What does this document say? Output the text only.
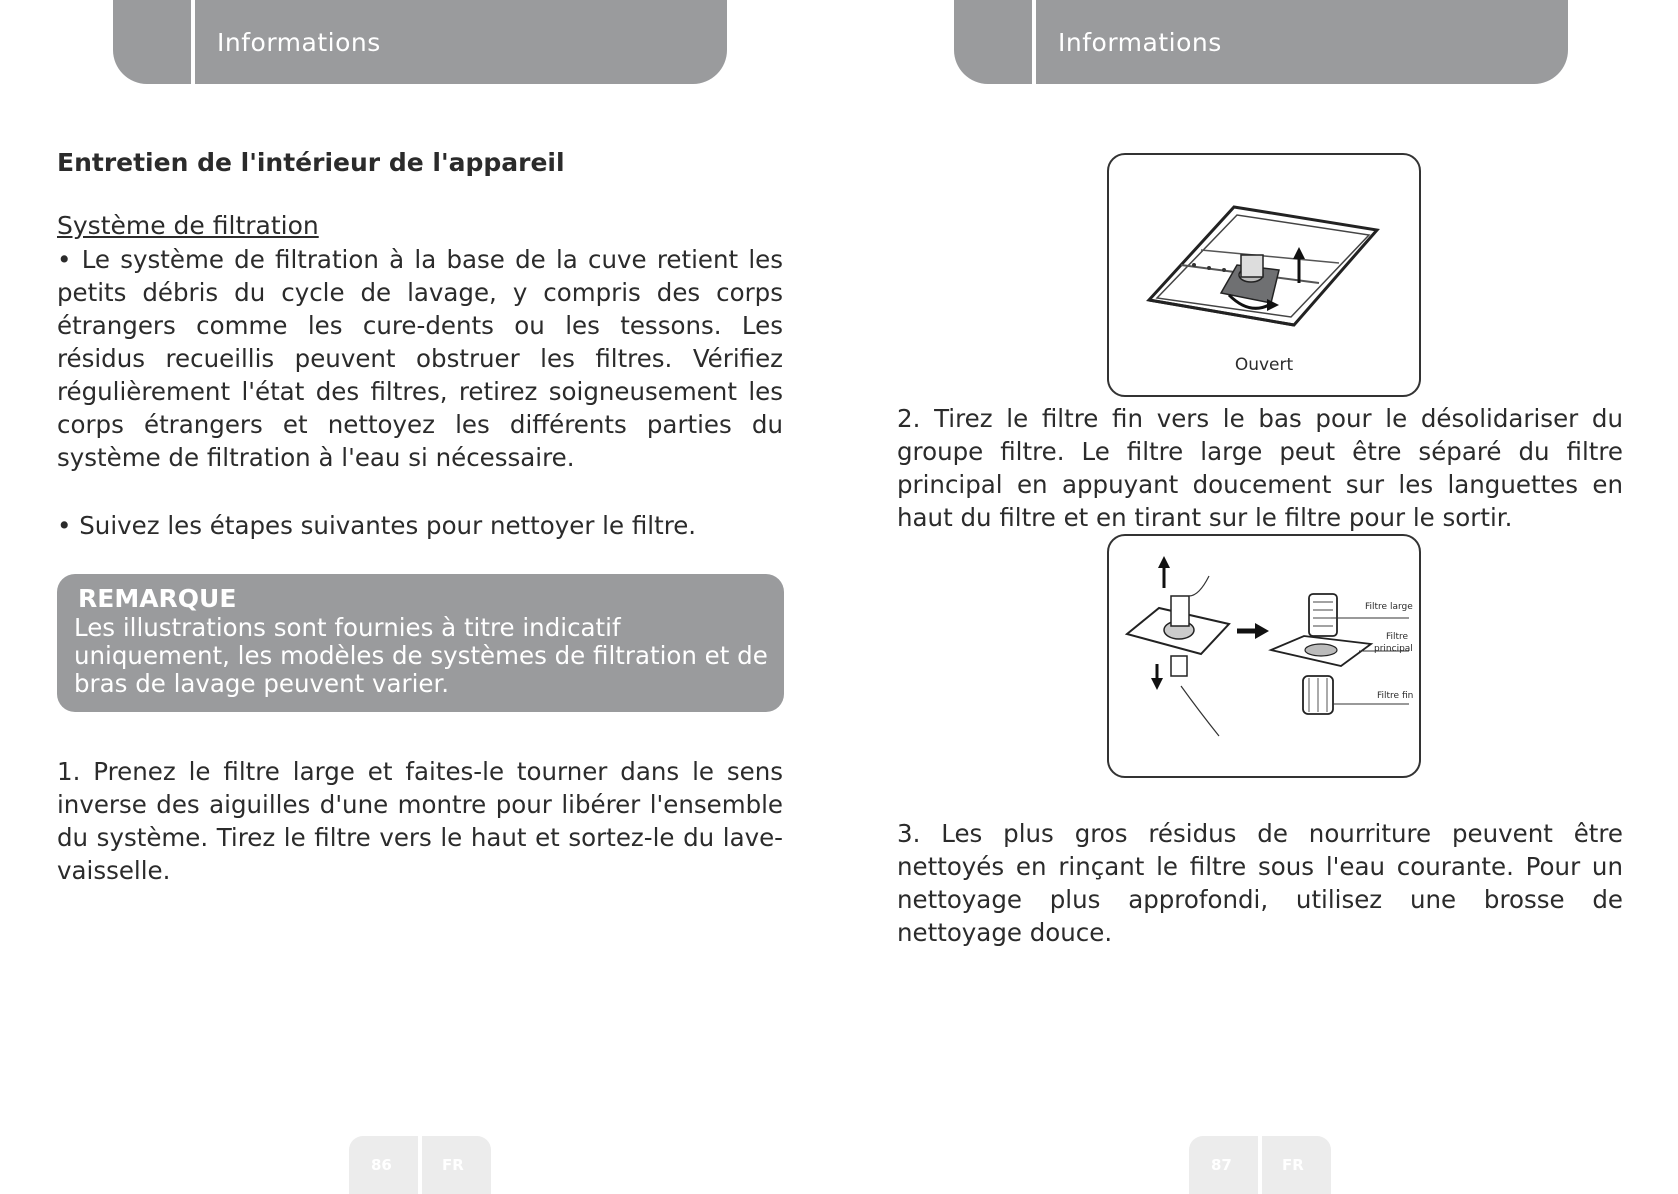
Informations

Entretien de l'intérieur de l'appareil

Système de filtration

• Le système de filtration à la base de la cuve retient les petits débris du cycle de lavage, y compris des corps étrangers comme les cure-dents ou les tessons. Les résidus recueillis peuvent obstruer les filtres. Vérifiez régulièrement l'état des filtres, retirez soigneusement les corps étrangers et nettoyez les différents parties du système de filtration à l'eau si nécessaire.

• Suivez les étapes suivantes pour nettoyer le filtre.

REMARQUE
Les illustrations sont fournies à titre indicatif uniquement, les modèles de systèmes de filtration et de bras de lavage peuvent varier.

1. Prenez le filtre large et faites-le tourner dans le sens inverse des aiguilles d'une montre pour libérer l'ensemble du système. Tirez le filtre vers le haut et sortez-le du lave-vaisselle.

86	FR
Informations
Ouvert

2. Tirez le filtre fin vers le bas pour le désolidariser du groupe filtre. Le filtre large peut être séparé du filtre principal en appuyant doucement sur les languettes en haut du filtre et en tirant sur le filtre pour le sortir.

Filtre large
Filtre
principal
Filtre fin

3. Les plus gros résidus de nourriture peuvent être nettoyés en rinçant le filtre sous l'eau courante. Pour un nettoyage plus approfondi, utilisez une brosse de nettoyage douce.

87	FR
